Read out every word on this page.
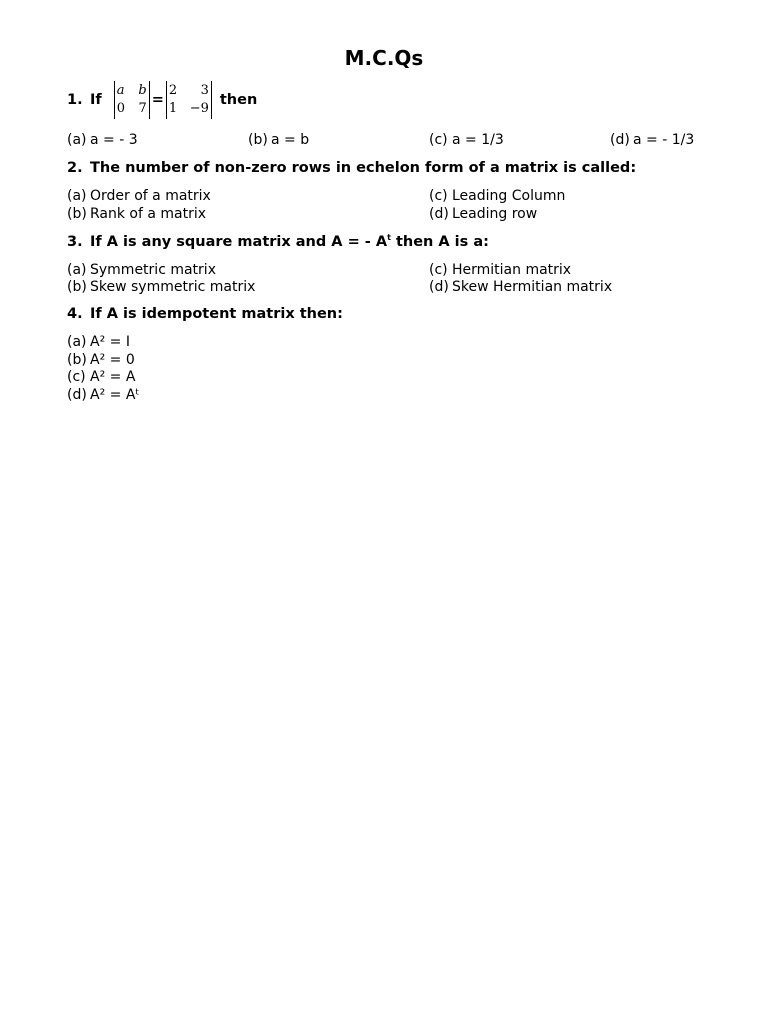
M.C.Qs
1. If
a b
0 7
=
2 3
1 −9
then
(a) a = - 3	(b) a = b	(c) a = 1/3	(d) a = - 1/3
2. The number of non-zero rows in echelon form of a matrix is called:
(a) Order of a matrix
(b) Rank of a matrix
(c) Leading Column
(d) Leading row
3. If A is any square matrix and A = - $A^t$ then A is a:
(a) Symmetric matrix
(b) Skew symmetric matrix
(c) Hermitian matrix
(d) Skew Hermitian matrix
4. If A is idempotent matrix then:
(a) A² = I
(b) A² = 0
(c) A² = A
(d) A² = Aᵗ
